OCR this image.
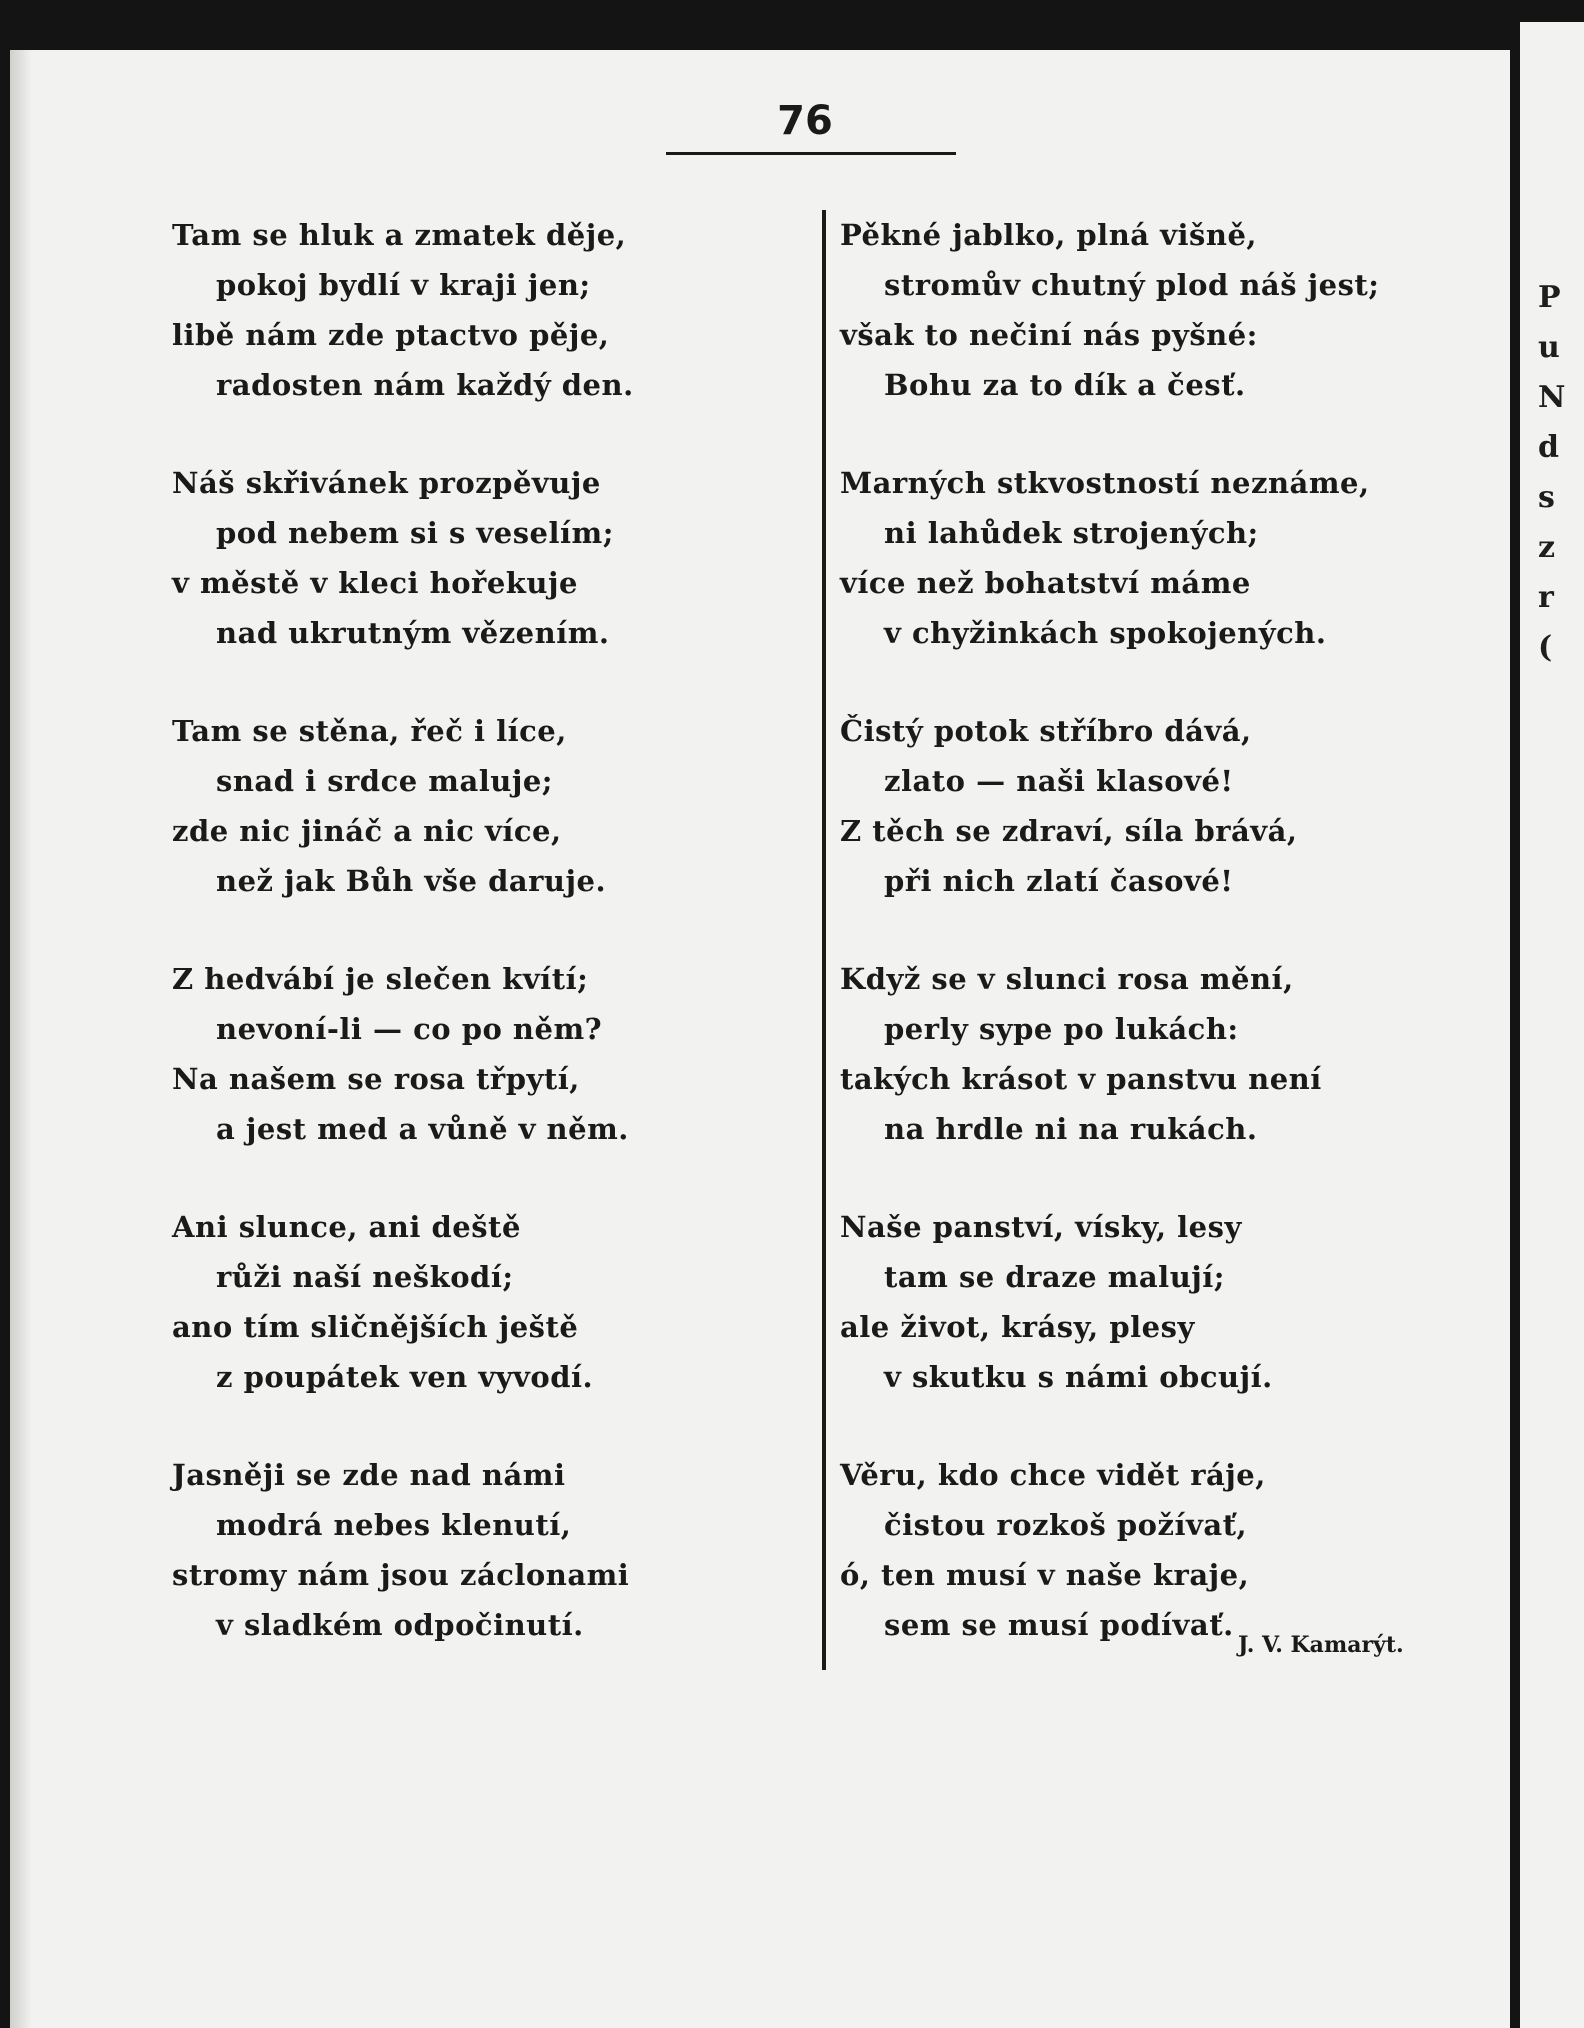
76
Tam se hluk a zmatek děje,
pokoj bydlí v kraji jen;
libě nám zde ptactvo pěje,
radosten nám každý den.
Náš skřivánek prozpěvuje
pod nebem si s veselím;
v městě v kleci hořekuje
nad ukrutným vězením.
Tam se stěna, řeč i líce,
snad i srdce maluje;
zde nic jináč a nic více,
než jak Bůh vše daruje.
Z hedvábí je slečen kvítí;
nevoní-li — co po něm?
Na našem se rosa třpytí,
a jest med a vůně v něm.
Ani slunce, ani deště
růži naší neškodí;
ano tím sličnějších ještě
z poupátek ven vyvodí.
Jasněji se zde nad námi
modrá nebes klenutí,
stromy nám jsou záclonami
v sladkém odpočinutí.
Pěkné jablko, plná višně,
stromův chutný plod náš jest;
však to nečiní nás pyšné:
Bohu za to dík a česť.
Marných stkvostností neznáme,
ni lahůdek strojených;
více než bohatství máme
v chyžinkách spokojených.
Čistý potok stříbro dává,
zlato — naši klasové!
Z těch se zdraví, síla brává,
při nich zlatí časové!
Když se v slunci rosa mění,
perly sype po lukách:
takých krásot v panstvu není
na hrdle ni na rukách.
Naše panství, vísky, lesy
tam se draze malují;
ale život, krásy, plesy
v skutku s námi obcují.
Věru, kdo chce vidět ráje,
čistou rozkoš požívať,
ó, ten musí v naše kraje,
sem se musí podívať.
J. V. Kamarýt.
P
u
N
d
s
z
r
(
